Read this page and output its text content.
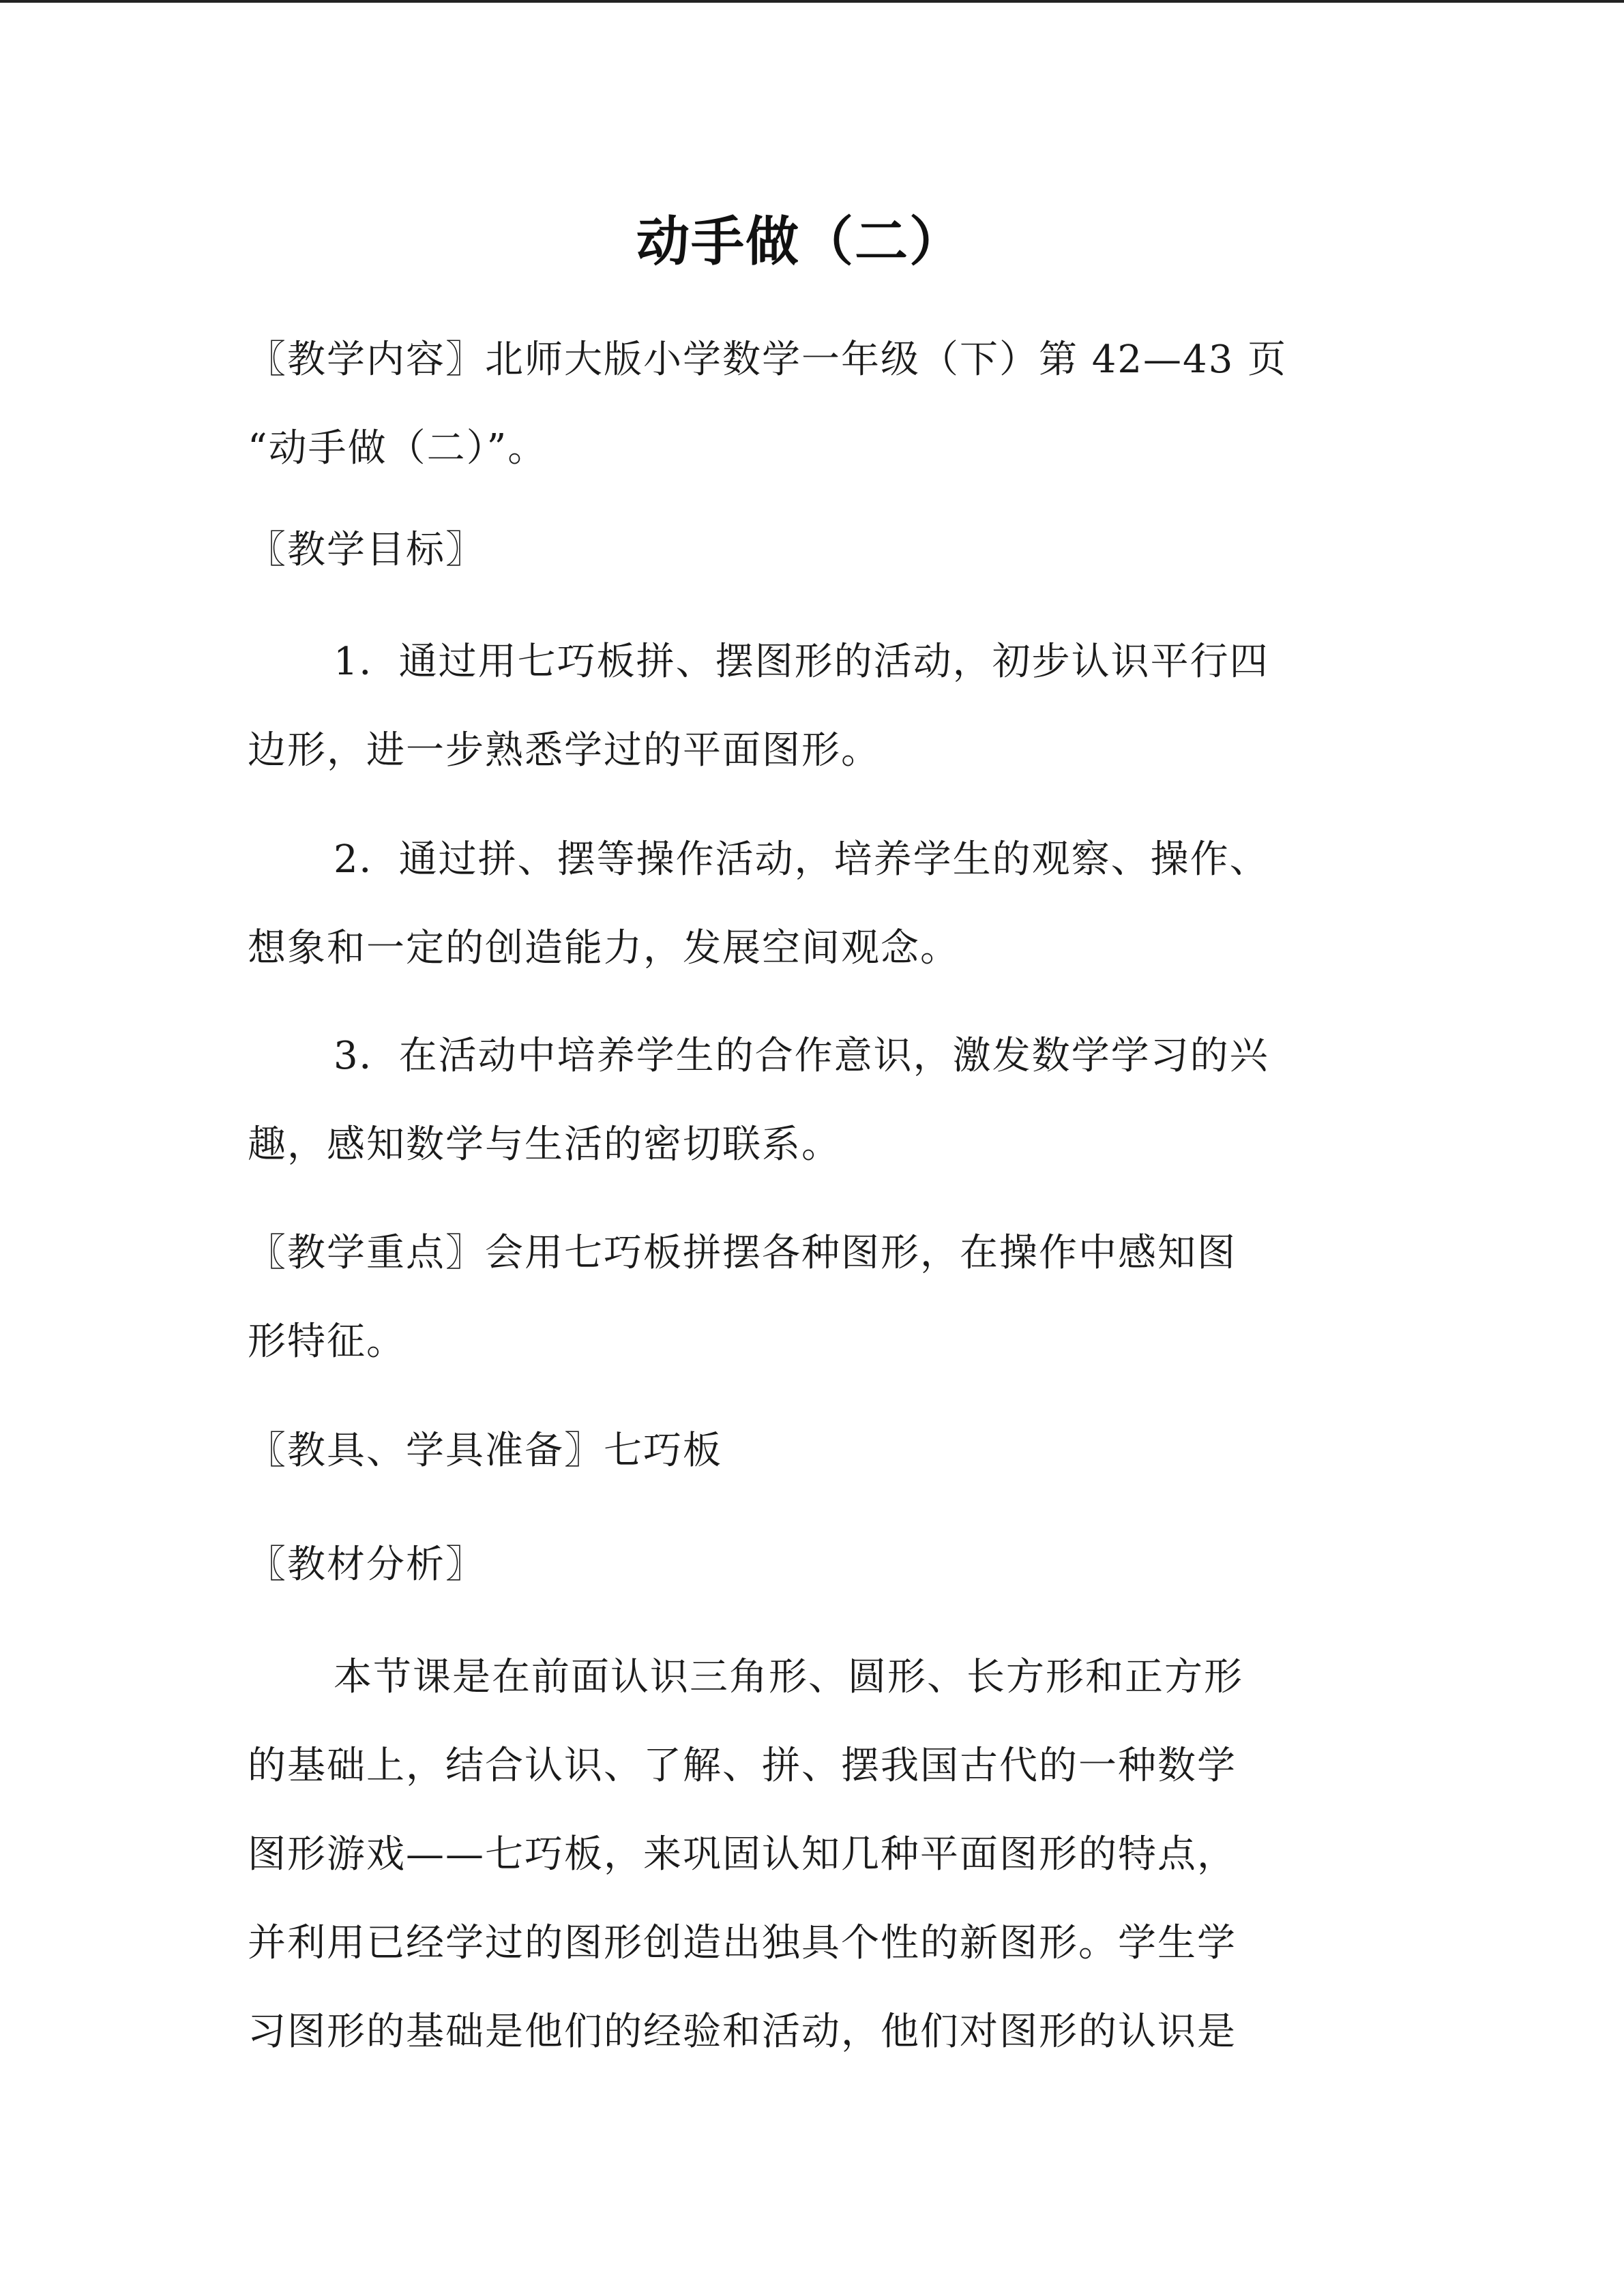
动手做（二）
〖教学内容〗北师大版小学数学一年级（下）第 42—43 页
“动手做（二）”。
〖教学目标〗
1．通过用七巧板拼、摆图形的活动，初步认识平行四
边形，进一步熟悉学过的平面图形。
2．通过拼、摆等操作活动，培养学生的观察、操作、
想象和一定的创造能力，发展空间观念。
3．在活动中培养学生的合作意识，激发数学学习的兴
趣，感知数学与生活的密切联系。
〖教学重点〗会用七巧板拼摆各种图形，在操作中感知图
形特征。
〖教具、学具准备〗七巧板
〖教材分析〗
本节课是在前面认识三角形、圆形、长方形和正方形
的基础上，结合认识、了解、拼、摆我国古代的一种数学
图形游戏——七巧板，来巩固认知几种平面图形的特点，
并利用已经学过的图形创造出独具个性的新图形。学生学
习图形的基础是他们的经验和活动，他们对图形的认识是
